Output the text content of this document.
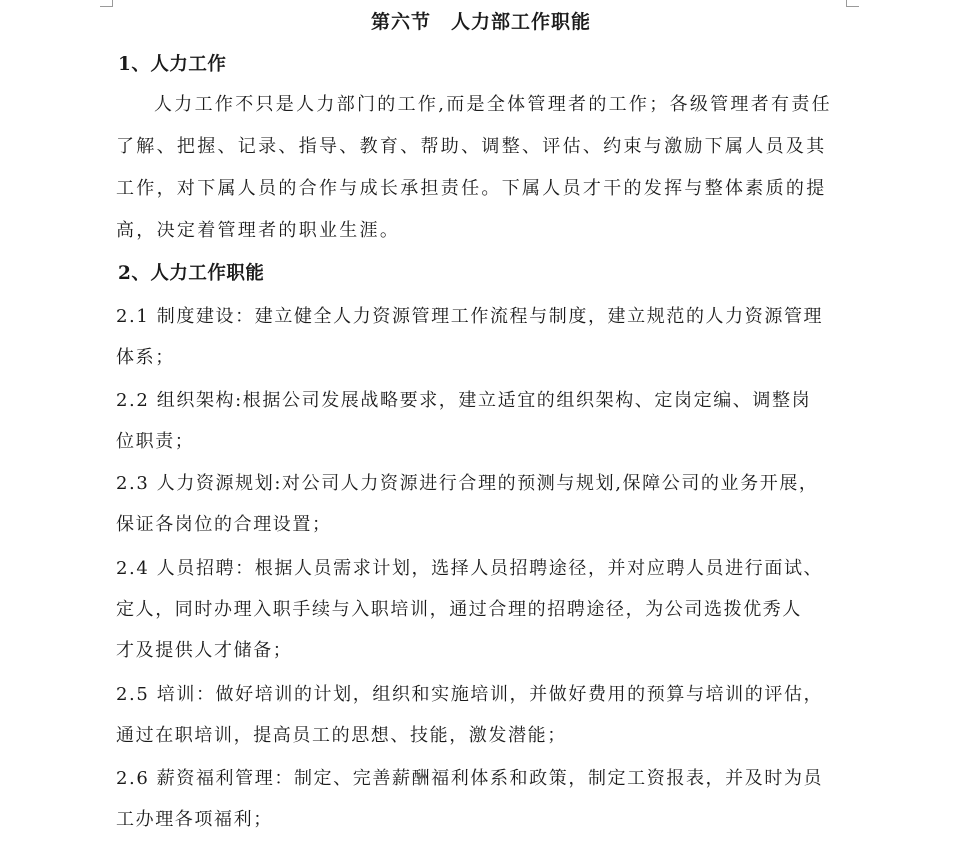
第六节　人力部工作职能
1、人力工作
人力工作不只是人力部门的工作,而是全体管理者的工作；各级管理者有责任
了解、把握、记录、指导、教育、帮助、调整、评估、约束与激励下属人员及其
工作，对下属人员的合作与成长承担责任。下属人员才干的发挥与整体素质的提
高，决定着管理者的职业生涯。
2、人力工作职能
2.1 制度建设：建立健全人力资源管理工作流程与制度，建立规范的人力资源管理
体系；
2.2 组织架构:根据公司发展战略要求，建立适宜的组织架构、定岗定编、调整岗
位职责；
2.3 人力资源规划:对公司人力资源进行合理的预测与规划,保障公司的业务开展，
保证各岗位的合理设置；
2.4 人员招聘：根据人员需求计划，选择人员招聘途径，并对应聘人员进行面试、
定人，同时办理入职手续与入职培训，通过合理的招聘途径，为公司选拨优秀人
才及提供人才储备；
2.5 培训：做好培训的计划，组织和实施培训，并做好费用的预算与培训的评估，
通过在职培训，提高员工的思想、技能，激发潜能；
2.6 薪资福利管理：制定、完善薪酬福利体系和政策，制定工资报表，并及时为员
工办理各项福利；
